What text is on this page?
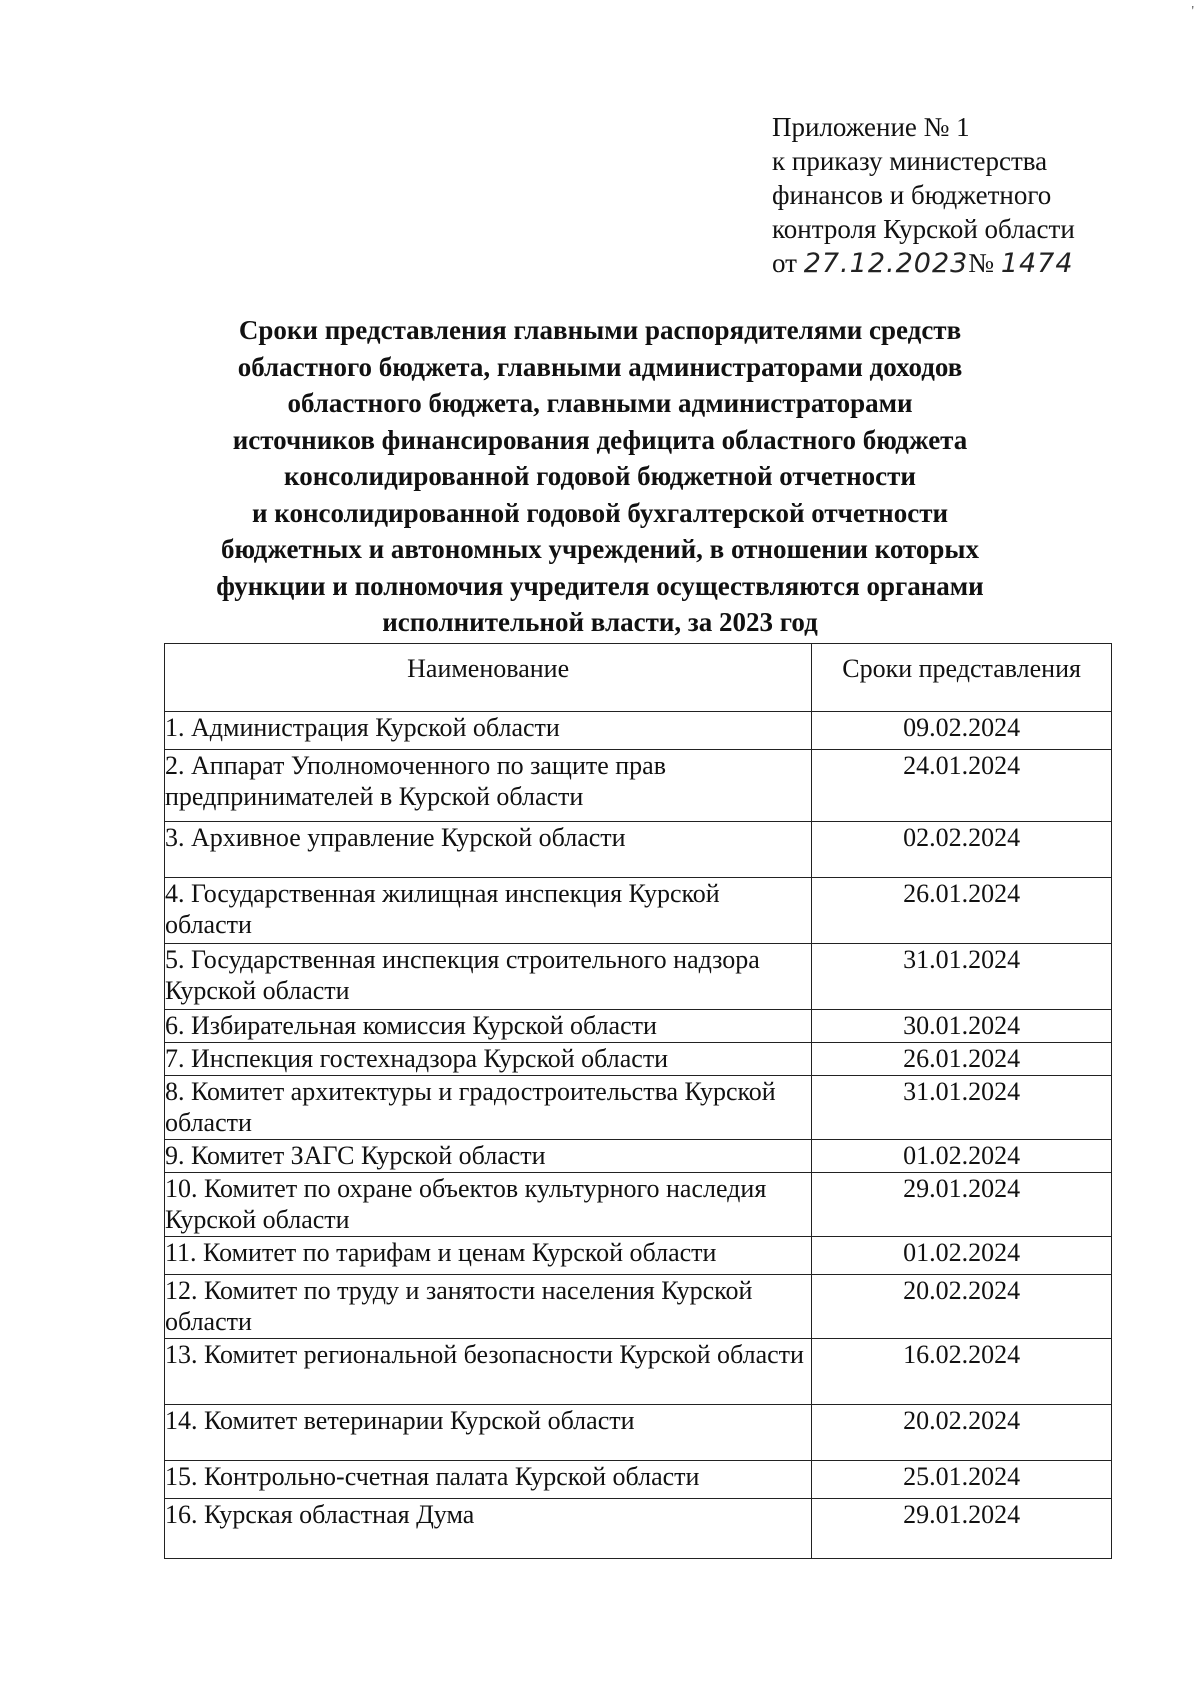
'
Приложение № 1
к приказу министерства
финансов и бюджетного
контроля Курской области
от 27.12.2023№ 1474
Сроки представления главными распорядителями средств
областного бюджета, главными администраторами доходов
областного бюджета, главными администраторами
источников финансирования дефицита областного бюджета
консолидированной годовой бюджетной отчетности
и консолидированной годовой бухгалтерской отчетности
бюджетных и автономных учреждений, в отношении которых
функции и полномочия учредителя осуществляются органами
исполнительной власти, за 2023 год
Наименование	Сроки представления
1. Администрация Курской области	09.02.2024
2. Аппарат Уполномоченного по защите прав предпринимателей в Курской области	24.01.2024
3. Архивное управление Курской области	02.02.2024
4. Государственная жилищная инспекция Курской области	26.01.2024
5. Государственная инспекция строительного надзора Курской области	31.01.2024
6. Избирательная комиссия Курской области	30.01.2024
7. Инспекция гостехнадзора Курской области	26.01.2024
8. Комитет архитектуры и градостроительства Курской области	31.01.2024
9. Комитет ЗАГС Курской области	01.02.2024
10. Комитет по охране объектов культурного наследия Курской области	29.01.2024
11. Комитет по тарифам и ценам Курской области	01.02.2024
12. Комитет по труду и занятости населения Курской области	20.02.2024
13. Комитет региональной безопасности Курской области	16.02.2024
14. Комитет ветеринарии Курской области	20.02.2024
15. Контрольно-счетная палата Курской области	25.01.2024
16. Курская областная Дума	29.01.2024
